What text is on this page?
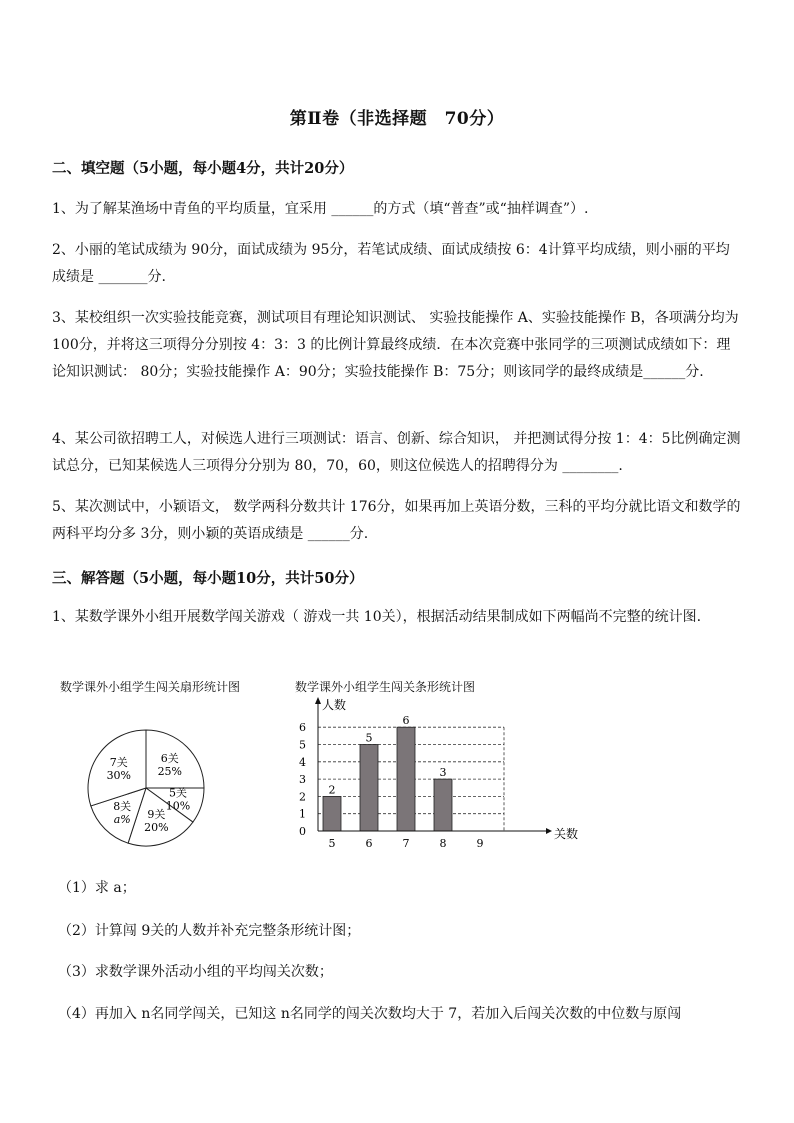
第Ⅱ卷（非选择题　70分）
二、填空题（5小题，每小题4分，共计20分）
1、为了解某渔场中青鱼的平均质量，宜采用 ______的方式（填“普查”或“抽样调查”）.
2、小丽的笔试成绩为 90分，面试成绩为 95分，若笔试成绩、面试成绩按 6：4计算平均成绩，则小丽的平均成绩是 _______分.
3、某校组织一次实验技能竞赛，测试项目有理论知识测试、 实验技能操作 A、实验技能操作 B，各项满分均为 100分，并将这三项得分分别按 4：3：3 的比例计算最终成绩．在本次竞赛中张同学的三项测试成绩如下：理论知识测试： 80分；实验技能操作 A：90分；实验技能操作 B：75分；则该同学的最终成绩是______分.
4、某公司欲招聘工人，对候选人进行三项测试：语言、创新、综合知识， 并把测试得分按 1：4：5比例确定测试总分，已知某候选人三项得分分别为 80，70，60，则这位候选人的招聘得分为 ________.
5、某次测试中，小颖语文， 数学两科分数共计 176分，如果再加上英语分数，三科的平均分就比语文和数学的两科平均分多 3分，则小颖的英语成绩是 ______分.
三、解答题（5小题，每小题10分，共计50分）
1、某数学课外小组开展数学闯关游戏（ 游戏一共 10关），根据活动结果制成如下两幅尚不完整的统计图.
数学课外小组学生闯关扇形统计图
6关
25%
5关
10%
9关
20%
8关
a%
7关
30%
数学课外小组学生闯关条形统计图
2
5
5
6
6
7
3
8	9
0
1
2
3
4
5
6
人数
关数
（1）求 a；
（2）计算闯 9关的人数并补充完整条形统计图；
（3）求数学课外活动小组的平均闯关次数；
（4）再加入 n名同学闯关，已知这 n名同学的闯关次数均大于 7，若加入后闯关次数的中位数与原闯
